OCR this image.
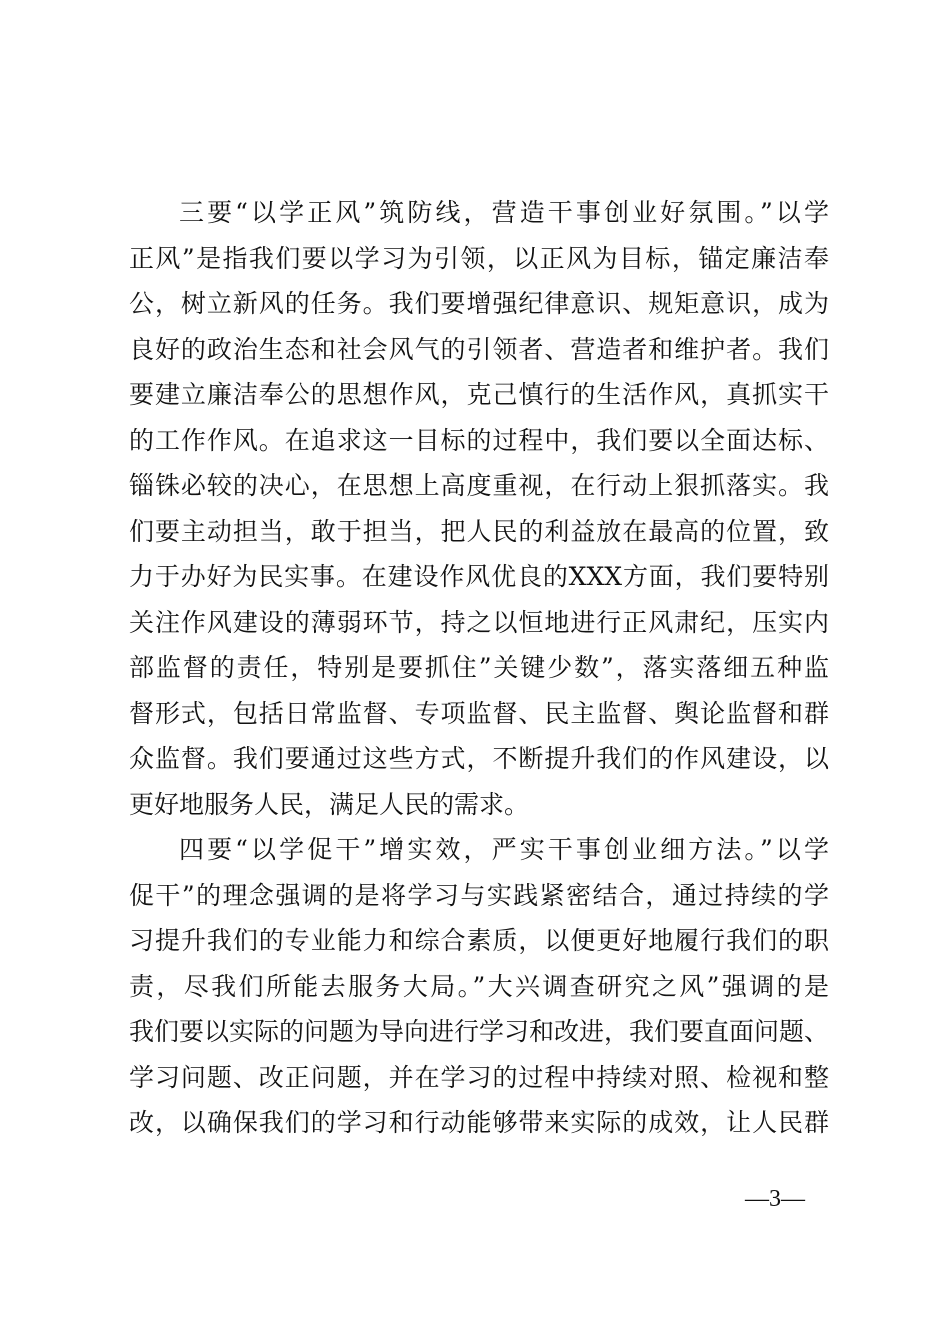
三要“以学正风”筑防线，营造干事创业好氛围。”以学
正风”是指我们要以学习为引领，以正风为目标，锚定廉洁奉
公，树立新风的任务。我们要增强纪律意识、规矩意识，成为
良好的政治生态和社会风气的引领者、营造者和维护者。我们
要建立廉洁奉公的思想作风，克己慎行的生活作风，真抓实干
的工作作风。在追求这一目标的过程中，我们要以全面达标、
锱铢必较的决心，在思想上高度重视，在行动上狠抓落实。我
们要主动担当，敢于担当，把人民的利益放在最高的位置，致
力于办好为民实事。在建设作风优良的XXX方面，我们要特别
关注作风建设的薄弱环节，持之以恒地进行正风肃纪，压实内
部监督的责任，特别是要抓住”关键少数”，落实落细五种监
督形式，包括日常监督、专项监督、民主监督、舆论监督和群
众监督。我们要通过这些方式，不断提升我们的作风建设，以
更好地服务人民，满足人民的需求。
四要“以学促干”增实效，严实干事创业细方法。”以学
促干”的理念强调的是将学习与实践紧密结合，通过持续的学
习提升我们的专业能力和综合素质，以便更好地履行我们的职
责，尽我们所能去服务大局。”大兴调查研究之风”强调的是
我们要以实际的问题为导向进行学习和改进，我们要直面问题、
学习问题、改正问题，并在学习的过程中持续对照、检视和整
改，以确保我们的学习和行动能够带来实际的成效，让人民群
—3—
